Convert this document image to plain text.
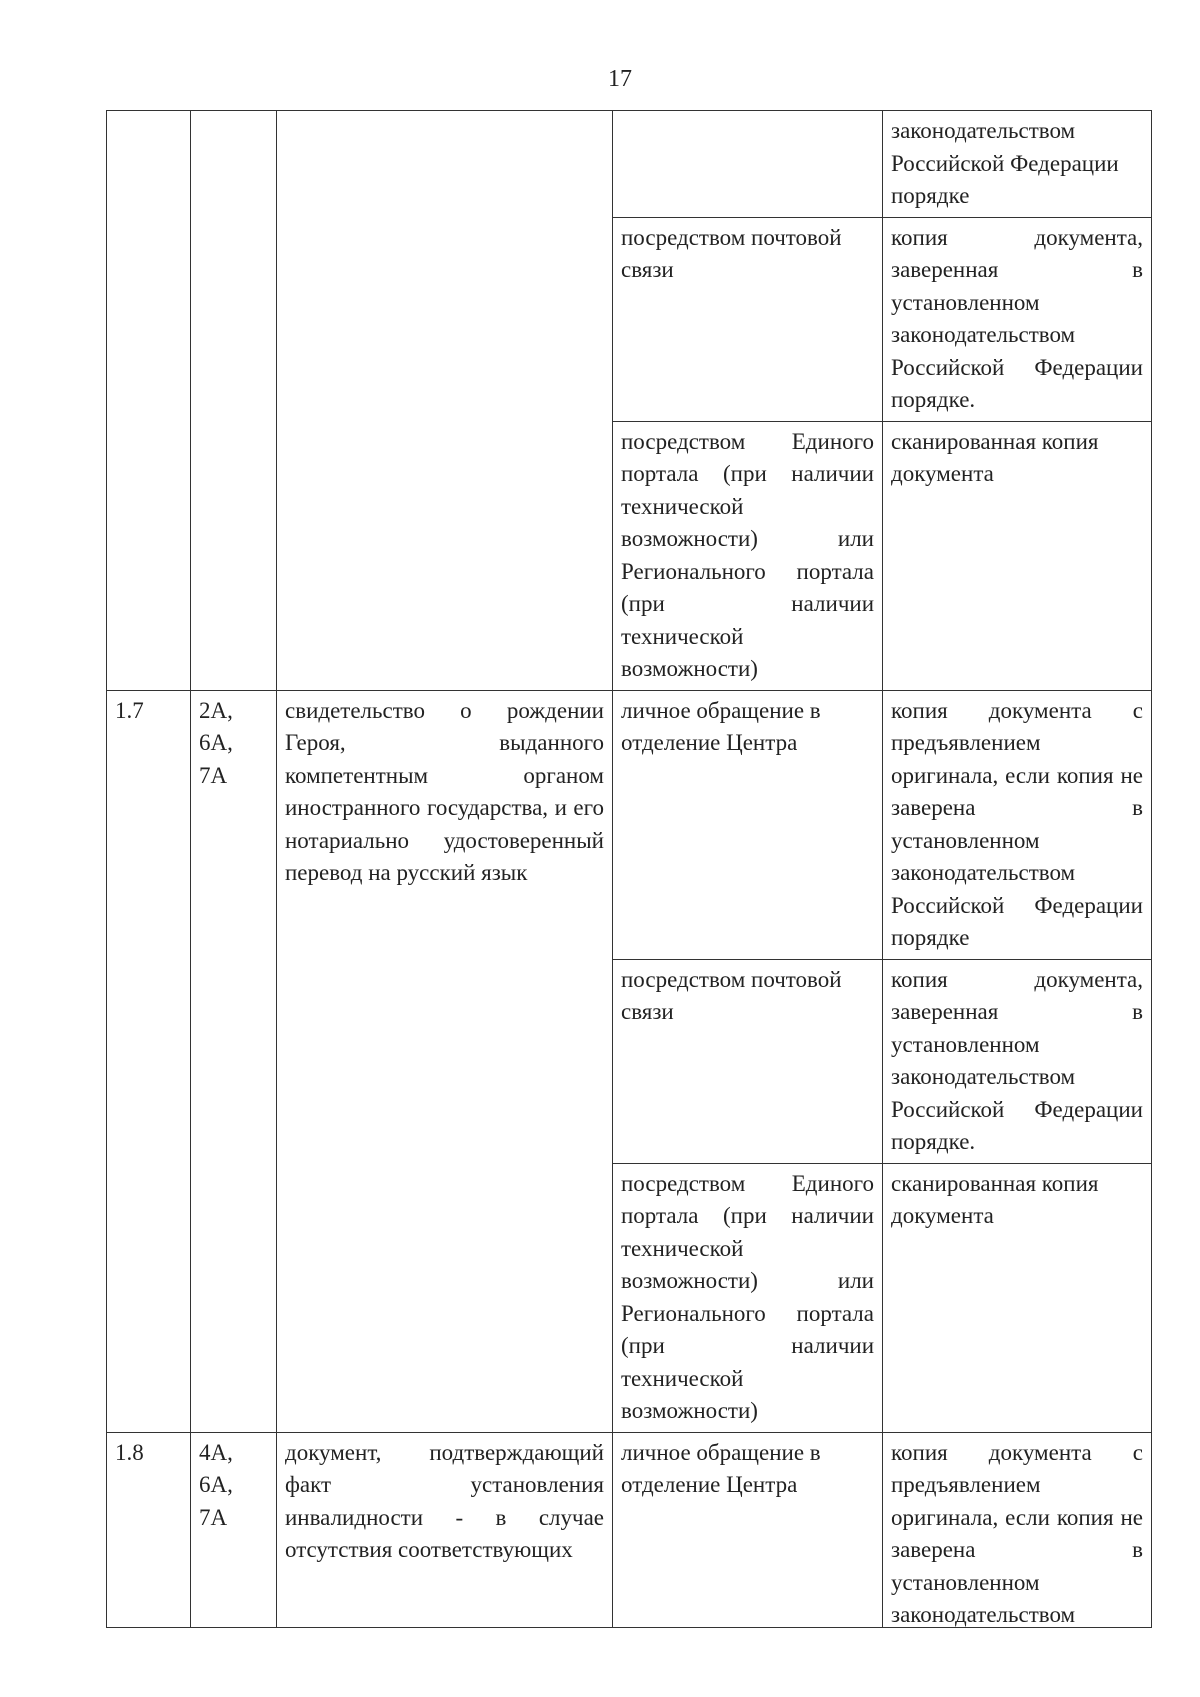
17
законодательством Российской Федерации порядке
посредством почтовой связи
копия документа, заверенная в установленном законодательством Российской Федерации порядке.
посредством Единого портала (при наличии технической возможности) или Регионального портала (при наличии технической возможности)
сканированная копия документа
1.7	2А,
6А,
7А
свидетельство о рождении Героя, выданного компетентным органом иностранного государства, и его нотариально удостоверенный перевод на русский язык
личное обращение в отделение Центра
копия документа с предъявлением оригинала, если копия не заверена в установленном законодательством Российской Федерации порядке
посредством почтовой связи
копия документа, заверенная в установленном законодательством Российской Федерации порядке.
посредством Единого портала (при наличии технической возможности) или Регионального портала (при наличии технической возможности)
сканированная копия документа
1.8	4А,
6А,
7А
документ, подтверждающий факт установления инвалидности - в случае отсутствия соответствующих
личное обращение в отделение Центра
копия документа с предъявлением оригинала, если копия не заверена в установленном законодательством
